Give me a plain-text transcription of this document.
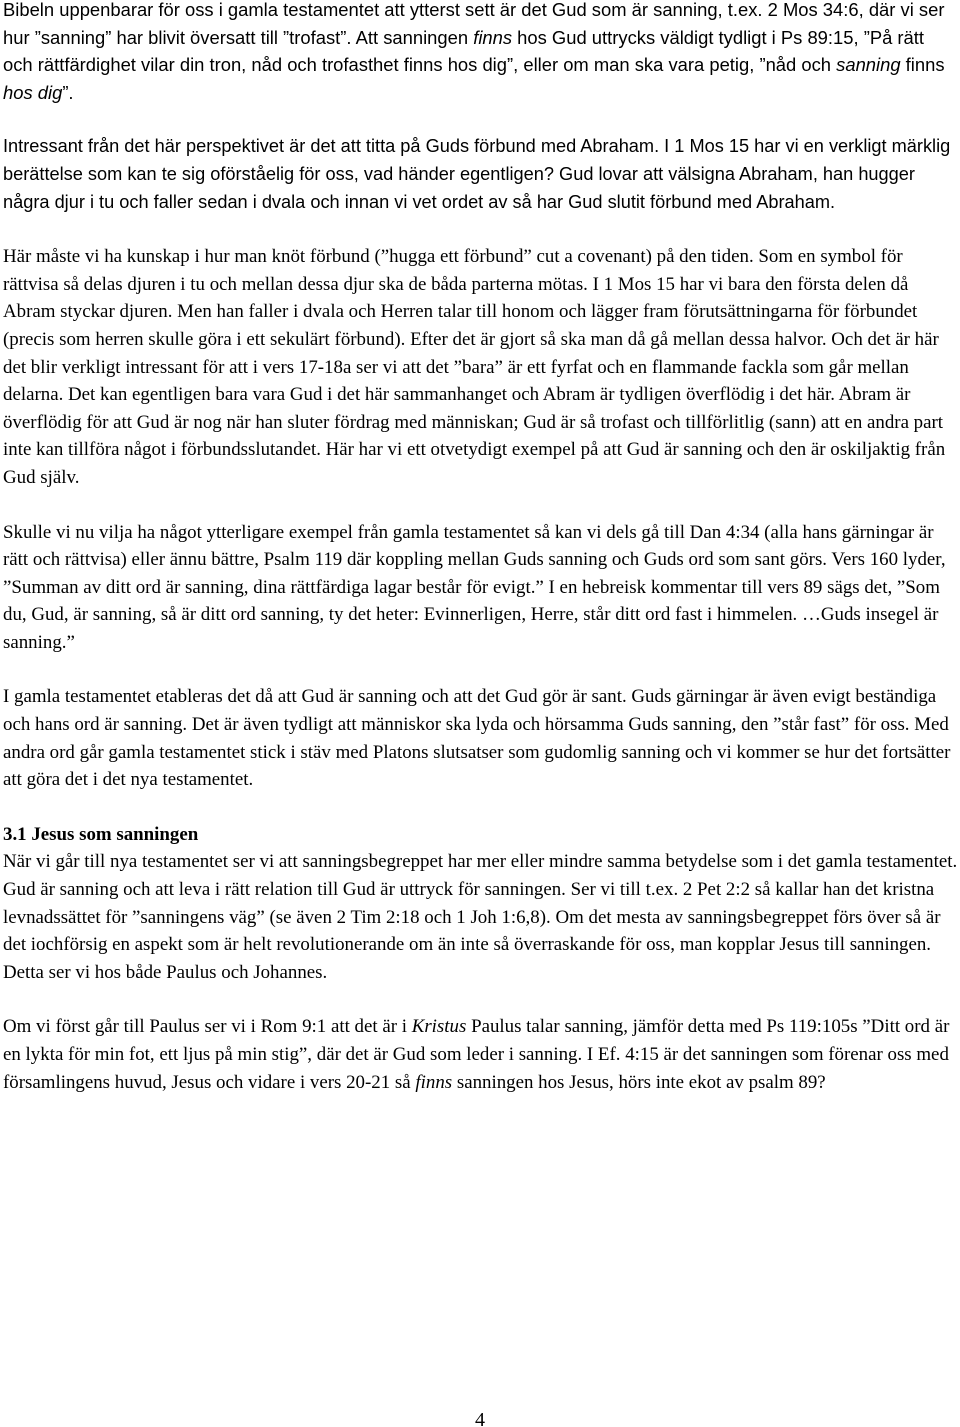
Bibeln uppenbarar för oss i gamla testamentet att ytterst sett är det Gud som är sanning, t.ex. 2 Mos 34:6, där vi ser hur ”sanning” har blivit översatt till ”trofast”. Att sanningen finns hos Gud uttrycks väldigt tydligt i Ps 89:15, ”På rätt och rättfärdighet vilar din tron, nåd och trofasthet finns hos dig”, eller om man ska vara petig, ”nåd och sanning finns hos dig”.

Intressant från det här perspektivet är det att titta på Guds förbund med Abraham. I 1 Mos 15 har vi en verkligt märklig berättelse som kan te sig oförståelig för oss, vad händer egentligen? Gud lovar att välsigna Abraham, han hugger några djur i tu och faller sedan i dvala och innan vi vet ordet av så har Gud slutit förbund med Abraham.

Här måste vi ha kunskap i hur man knöt förbund (”hugga ett förbund” cut a covenant) på den tiden. Som en symbol för rättvisa så delas djuren i tu och mellan dessa djur ska de båda parterna mötas. I 1 Mos 15 har vi bara den första delen då Abram styckar djuren. Men han faller i dvala och Herren talar till honom och lägger fram förutsättningarna för förbundet (precis som herren skulle göra i ett sekulärt förbund). Efter det är gjort så ska man då gå mellan dessa halvor. Och det är här det blir verkligt intressant för att i vers 17-18a ser vi att det ”bara” är ett fyrfat och en flammande fackla som går mellan delarna. Det kan egentligen bara vara Gud i det här sammanhanget och Abram är tydligen överflödig i det här. Abram är överflödig för att Gud är nog när han sluter fördrag med människan; Gud är så trofast och tillförlitlig (sann) att en andra part inte kan tillföra något i förbundsslutandet. Här har vi ett otvetydigt exempel på att Gud är sanning och den är oskiljaktig från Gud själv.

Skulle vi nu vilja ha något ytterligare exempel från gamla testamentet så kan vi dels gå till Dan 4:34 (alla hans gärningar är rätt och rättvisa) eller ännu bättre, Psalm 119 där koppling mellan Guds sanning och Guds ord som sant görs. Vers 160 lyder, ”Summan av ditt ord är sanning, dina rättfärdiga lagar består för evigt.” I en hebreisk kommentar till vers 89 sägs det, ”Som du, Gud, är sanning, så är ditt ord sanning, ty det heter: Evinnerligen, Herre, står ditt ord fast i himmelen. …Guds insegel är sanning.”

I gamla testamentet etableras det då att Gud är sanning och att det Gud gör är sant. Guds gärningar är även evigt beständiga och hans ord är sanning. Det är även tydligt att människor ska lyda och hörsamma Guds sanning, den ”står fast” för oss. Med andra ord går gamla testamentet stick i stäv med Platons slutsatser som gudomlig sanning och vi kommer se hur det fortsätter att göra det i det nya testamentet.

3.1 Jesus som sanningen

När vi går till nya testamentet ser vi att sanningsbegreppet har mer eller mindre samma betydelse som i det gamla testamentet. Gud är sanning och att leva i rätt relation till Gud är uttryck för sanningen. Ser vi till t.ex. 2 Pet 2:2 så kallar han det kristna levnadssättet för ”sanningens väg” (se även 2 Tim 2:18 och 1 Joh 1:6,8). Om det mesta av sanningsbegreppet förs över så är det iochförsig en aspekt som är helt revolutionerande om än inte så överraskande för oss, man kopplar Jesus till sanningen. Detta ser vi hos både Paulus och Johannes.

Om vi först går till Paulus ser vi i Rom 9:1 att det är i Kristus Paulus talar sanning, jämför detta med Ps 119:105s ”Ditt ord är en lykta för min fot, ett ljus på min stig”, där det är Gud som leder i sanning. I Ef. 4:15 är det sanningen som förenar oss med församlingens huvud, Jesus och vidare i vers 20-21 så finns sanningen hos Jesus, hörs inte ekot av psalm 89?

4
